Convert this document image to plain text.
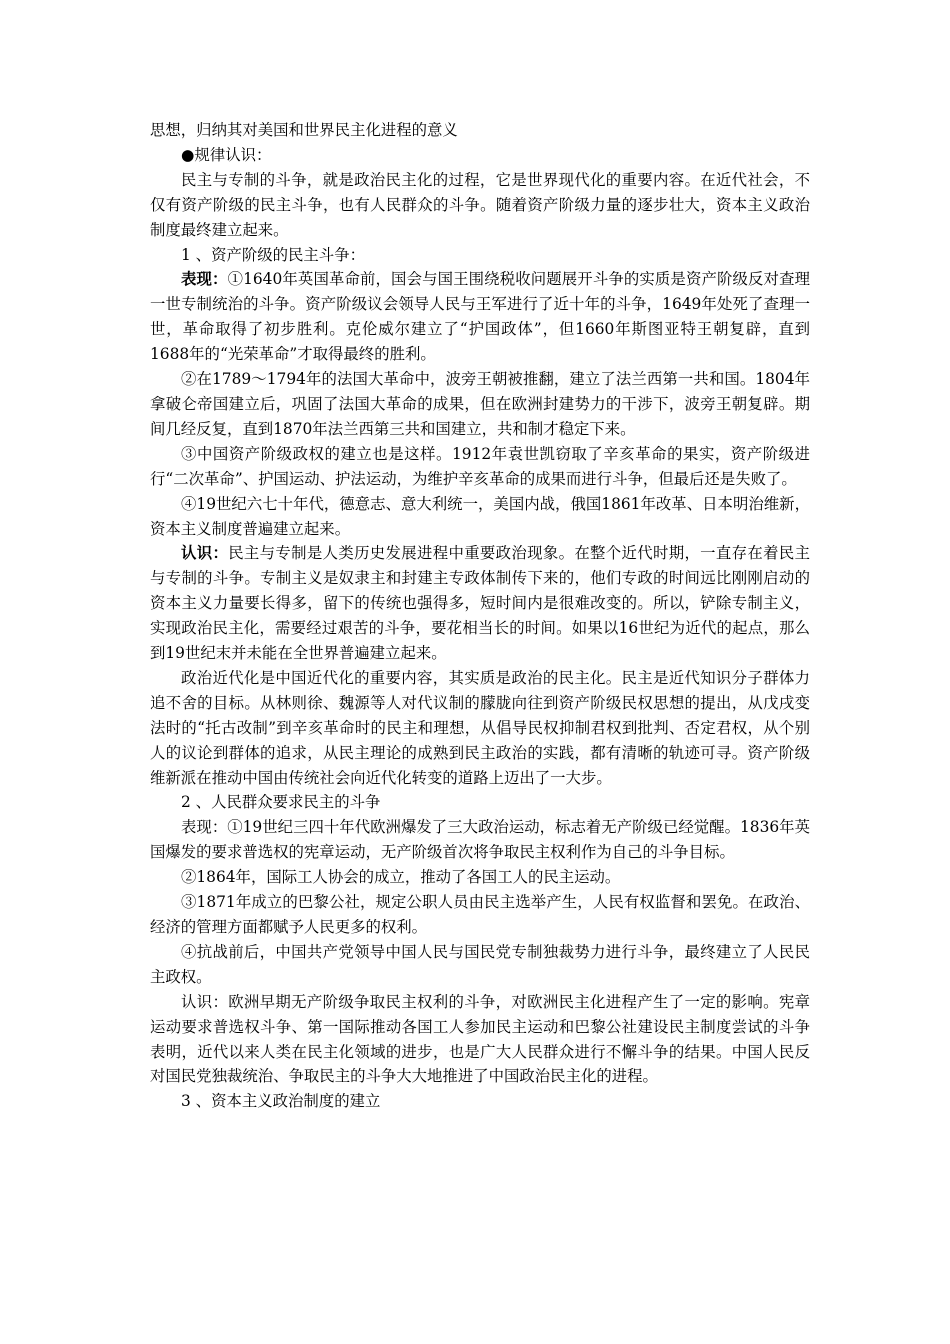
思想，归纳其对美国和世界民主化进程的意义

●规律认识：

民主与专制的斗争，就是政治民主化的过程，它是世界现代化的重要内容。在近代社会，不仅有资产阶级的民主斗争，也有人民群众的斗争。随着资产阶级力量的逐步壮大，资本主义政治制度最终建立起来。

1 、资产阶级的民主斗争：

表现：①1640年英国革命前，国会与国王围绕税收问题展开斗争的实质是资产阶级反对查理一世专制统治的斗争。资产阶级议会领导人民与王军进行了近十年的斗争，1649年处死了查理一世，革命取得了初步胜利。克伦威尔建立了“护国政体”，但1660年斯图亚特王朝复辟，直到1688年的“光荣革命”才取得最终的胜利。

②在1789～1794年的法国大革命中，波旁王朝被推翻，建立了法兰西第一共和国。1804年拿破仑帝国建立后，巩固了法国大革命的成果，但在欧洲封建势力的干涉下，波旁王朝复辟。期间几经反复，直到1870年法兰西第三共和国建立，共和制才稳定下来。

③中国资产阶级政权的建立也是这样。1912年袁世凯窃取了辛亥革命的果实，资产阶级进行“二次革命”、护国运动、护法运动，为维护辛亥革命的成果而进行斗争，但最后还是失败了。

④19世纪六七十年代，德意志、意大利统一，美国内战，俄国1861年改革、日本明治维新，资本主义制度普遍建立起来。

认识：民主与专制是人类历史发展进程中重要政治现象。在整个近代时期，一直存在着民主与专制的斗争。专制主义是奴隶主和封建主专政体制传下来的，他们专政的时间远比刚刚启动的资本主义力量要长得多，留下的传统也强得多，短时间内是很难改变的。所以，铲除专制主义，实现政治民主化，需要经过艰苦的斗争，要花相当长的时间。如果以16世纪为近代的起点，那么到19世纪末并未能在全世界普遍建立起来。

政治近代化是中国近代化的重要内容，其实质是政治的民主化。民主是近代知识分子群体力追不舍的目标。从林则徐、魏源等人对代议制的朦胧向往到资产阶级民权思想的提出，从戊戌变法时的“托古改制”到辛亥革命时的民主和理想，从倡导民权抑制君权到批判、否定君权，从个别人的议论到群体的追求，从民主理论的成熟到民主政治的实践，都有清晰的轨迹可寻。资产阶级维新派在推动中国由传统社会向近代化转变的道路上迈出了一大步。

2 、人民群众要求民主的斗争

表现：①19世纪三四十年代欧洲爆发了三大政治运动，标志着无产阶级已经觉醒。1836年英国爆发的要求普选权的宪章运动，无产阶级首次将争取民主权利作为自己的斗争目标。

②1864年，国际工人协会的成立，推动了各国工人的民主运动。

③1871年成立的巴黎公社，规定公职人员由民主选举产生，人民有权监督和罢免。在政治、经济的管理方面都赋予人民更多的权利。

④抗战前后，中国共产党领导中国人民与国民党专制独裁势力进行斗争，最终建立了人民民主政权。

认识：欧洲早期无产阶级争取民主权利的斗争，对欧洲民主化进程产生了一定的影响。宪章运动要求普选权斗争、第一国际推动各国工人参加民主运动和巴黎公社建设民主制度尝试的斗争表明，近代以来人类在民主化领域的进步，也是广大人民群众进行不懈斗争的结果。中国人民反对国民党独裁统治、争取民主的斗争大大地推进了中国政治民主化的进程。

3 、资本主义政治制度的建立
